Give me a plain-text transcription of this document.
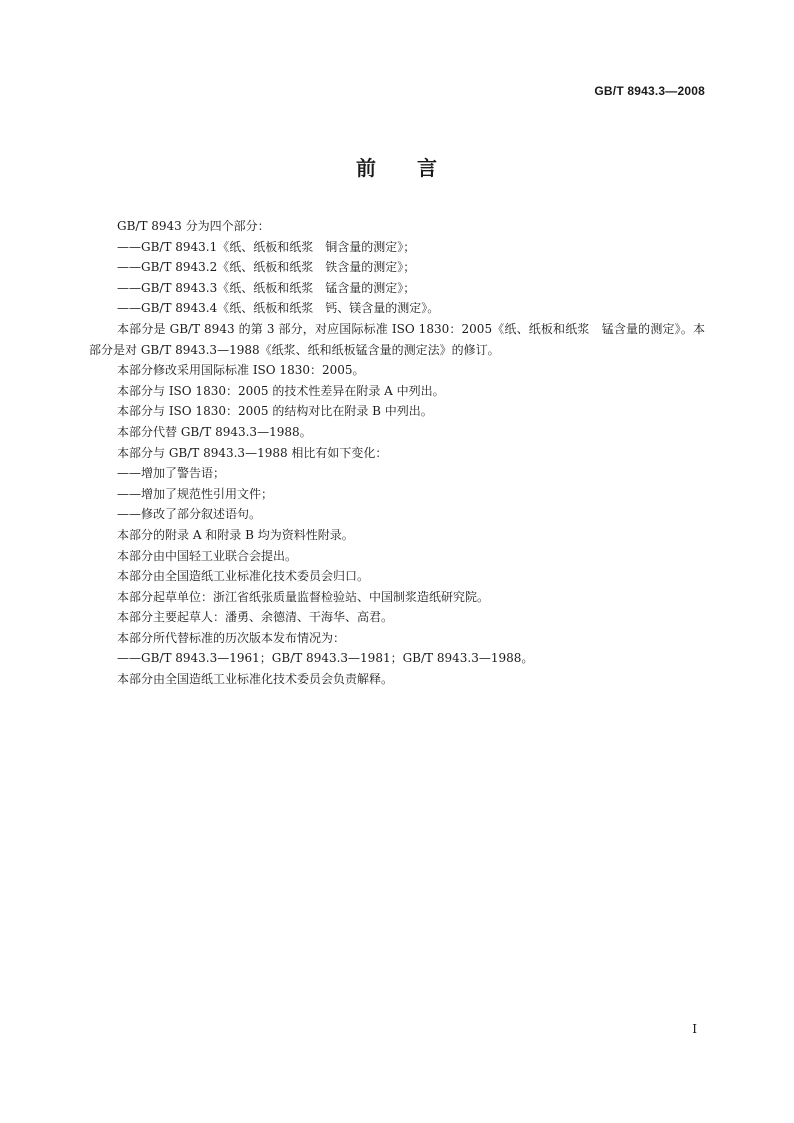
GB/T 8943.3—2008
前 言

GB/T 8943 分为四个部分：

——GB/T 8943.1《纸、纸板和纸浆　铜含量的测定》；

——GB/T 8943.2《纸、纸板和纸浆　铁含量的测定》；

——GB/T 8943.3《纸、纸板和纸浆　锰含量的测定》；

——GB/T 8943.4《纸、纸板和纸浆　钙、镁含量的测定》。

本部分是 GB/T 8943 的第 3 部分，对应国际标准 ISO 1830：2005《纸、纸板和纸浆　锰含量的测定》。本部分是对 GB/T 8943.3—1988《纸浆、纸和纸板锰含量的测定法》的修订。

本部分修改采用国际标准 ISO 1830：2005。

本部分与 ISO 1830：2005 的技术性差异在附录 A 中列出。

本部分与 ISO 1830：2005 的结构对比在附录 B 中列出。

本部分代替 GB/T 8943.3—1988。

本部分与 GB/T 8943.3—1988 相比有如下变化：

——增加了警告语；

——增加了规范性引用文件；

——修改了部分叙述语句。

本部分的附录 A 和附录 B 均为资料性附录。

本部分由中国轻工业联合会提出。

本部分由全国造纸工业标准化技术委员会归口。

本部分起草单位：浙江省纸张质量监督检验站、中国制浆造纸研究院。

本部分主要起草人：潘勇、余德清、干海华、高君。

本部分所代替标准的历次版本发布情况为：

——GB/T 8943.3—1961；GB/T 8943.3—1981；GB/T 8943.3—1988。

本部分由全国造纸工业标准化技术委员会负责解释。

I
